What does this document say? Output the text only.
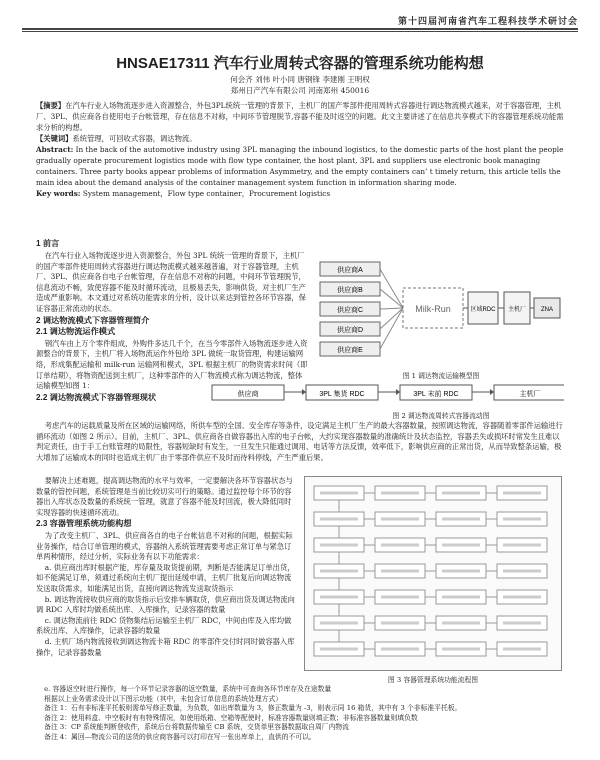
第十四届河南省汽车工程科技学术研讨会
HNSAE17311 汽车行业周转式容器的管理系统功能构想
何会齐 刘伟 叶小同 唐钢锋 李建刚 王明权
郑州日产汽车有限公司 河南郑州 450016

【摘要】在汽车行业入场物流逐步进入资源整合，外包3PL统统一管理的背景下，主机厂的国产零部件使用周转式容器进行调达物流模式越来，对于容器管理，主机厂、3PL、供应商各自使用电子台帐管理，存在信息不对称，中间环节管理脱节,容器不能及时返空的问题。此文主要讲述了在信息共享模式下的容器管理系统功能需求分析的构想。

【关键词】系统管理，可回收式容器，调达物流。

Abstract: In the back of the automotive industry using 3PL managing the inbound logistics, to the domestic parts of the host plant the people gradually operate procurement logistics mode with flow type container, the host plant, 3PL and suppliers use electronic book managing containers. Three party books appear problems of information Asymmetry, and the empty containers can’ t timely return, this article tells the main idea about the demand analysis of the container management system function in information sharing mode.

Key words: System management，Flow type container，Procurement logistics

1 前言

在汽车行业入场物流逐步进入资源整合，外包 3PL 统统一管理的背景下，主机厂的国产零部件使用周转式容器进行调达物流模式越来越普遍，对于容器管理，主机厂、3PL、供应商各自电子台帐管理，存在信息不对称的问题，中间环节管理脱节，信息流动不畅，致使容器不能及时循环流动，且极易丢失，影响供货，对主机厂生产造成严重影响。本文通过对系统功能需求的分析，设计以来达到管控各环节容器，保证容器正常流动的状态。

2 调达物流模式下容器管理简介

2.1 调达物流运作模式

钢汽车由上万个零件组成，外购件多达几千个，在当今零部件入场物流逐步进入资源整合的背景下，主机厂将入场物流运作外包给 3PL 做统一取货管理，构建运输网络，形成集配运输和 milk-run 运输网和模式，3PL 根据主机厂的物资需求时间（即订单结期），将物资配送到主机厂，这种零部件的入厂物流模式称为调达物流，整体运输模型如图 1：

2.2 调达物流模式下容器管理现状

供应商A
供应商B
供应商C
供应商D
供应商E
Milk-Run	区域RDC 主机厂 ZNA
图 1 调达物流运输模型图
供应商	3PL 集货 RDC	3PL 末前 RDC	主机厂
图 2 调达物流周转式容器流动图

考虑汽车的运载质量及所在区域的运输网络，所供车型的全国、安全库存等条件，设定满足主机厂生产的最大容器数量，按照调达物流，容器随着零部件运输进行循环流动（如图 2 所示）。目前，主机厂、3PL、供应商各自做容器出入库的电子台帐，大约实现容器数量的准确统计及状态监控，容器丢失或损坏时常发生且难以判定责任，由于手工台账管理的局限性，容器短缺时有发生，一旦发生只能通过调用、电话等方法反馈，效率低下，影响供应商的正常出货，从而导致整条运输，极大增加了运输成本的同时也造成主机厂由于零部件供应不及时而待料停线，产生严重后果。

要解决上述难题，提高调达物流的水平与效率，一定要解决各环节容器状态与数量的管控问题，系统管理是当前比较切实可行的策略。通过监控每个环节的容器出入库状态及数量的系统统一管理，就意了容器不能及时回流，极大降低同时实现容器的快速循环流动。

2.3 容器管理系统功能构想

为了改变主机厂、3PL、供应商各自的电子台帐信息不对称的问题，根据实际业务操作，结合订单管理的模式，容器纳入系统管理需要考虑正常订单与紧急订单两种情形，经过分析，实际业务有以下功能需求：

a. 供应商出库时根据产能，库存量及取货提前期，判断是否能满足订单出货，如不能满足订单，须通过系统向主机厂提出延缓申请，主机厂批复后向调达物流发送取货需求，如能满足出货，直接向调达物流发送取货指示

b. 调达物流接收供应商的取货指示后安排车辆取货，供应商出货及调达物流向调 RDC 入库时均做系统出库、入库操作，记录容器的数量

c. 调达物流前往 RDC 货物集结后运输至主机厂 RDC，中间由库及入库均做系统出库、入库操作，记录容器的数量

d. 主机厂场内物流接收到调达物流卡箱 RDC 的零部件交付时同时做容器入库操作，记录容器数量

图 3 容器管理系统功能流程图

e. 容器返空时进行操作，每一个环节记录容器的返空数量，系统中可查询各环节库存及在途数量

根据以上业务需求设计以下图示功能（其中，未包含订单信息的系统处理方式）

备注 1：石有非标准平托板则需单写修正数量，为负数，如出库数量为 3，修正数量为 -3，则表示同 16 箱货，其中有 3 个非标准平托板。

备注 2：使用料盒、中空板时有有特殊情况，如使用纸箱、空箱等配使时，标准容器数量则填正数；非标准容器数量则填负数

备注 3：CP 系统能判断登收件，系统后台将数据传输至 CB 系统，交货单里容器数据取自周厂内物流

备注 4：属回—物流公司的送货的供应商容器可以打印在写一张出库单上，直供的不可以。
